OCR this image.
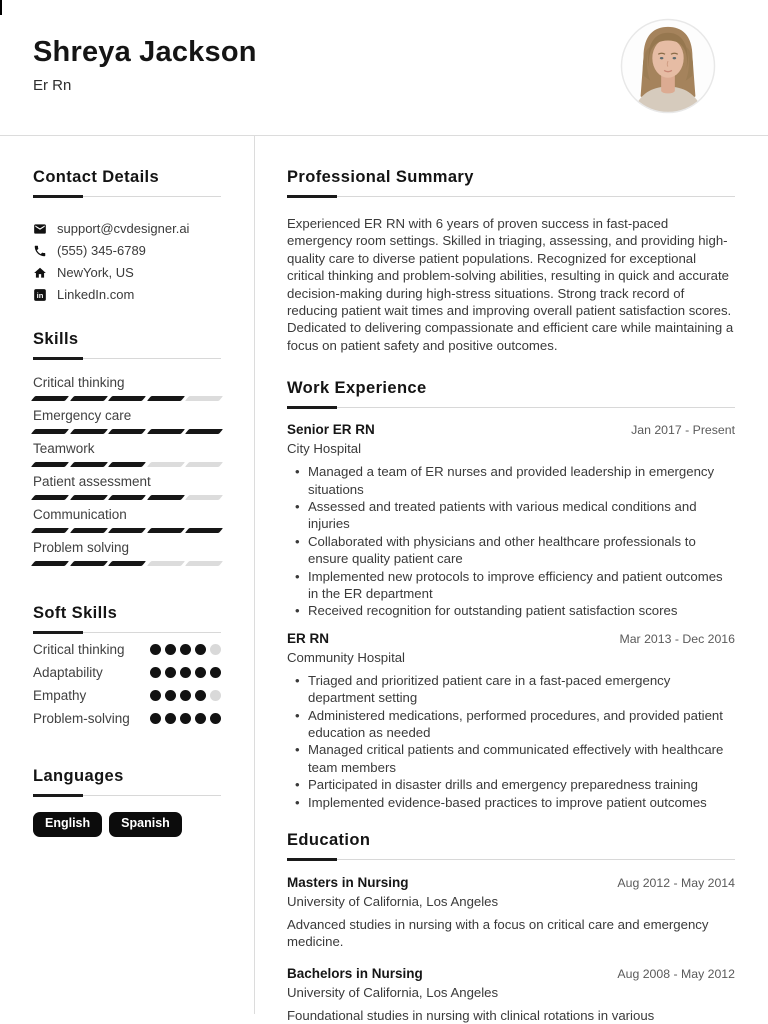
Shreya Jackson
Er Rn
Contact Details
support@cvdesigner.ai
(555) 345-6789
NewYork, US
in LinkedIn.com
Skills
Critical thinking
Emergency care
Teamwork
Patient assessment
Communication
Problem solving
Soft Skills
Critical thinking
Adaptability
Empathy
Problem-solving
Languages
English	Spanish
Professional Summary
Experienced ER RN with 6 years of proven success in fast-paced emergency room settings. Skilled in triaging, assessing, and providing high-quality care to diverse patient populations. Recognized for exceptional critical thinking and problem-solving abilities, resulting in quick and accurate decision-making during high-stress situations. Strong track record of reducing patient wait times and improving overall patient satisfaction scores. Dedicated to delivering compassionate and efficient care while maintaining a focus on patient safety and positive outcomes.
Work Experience
Senior ER RN	Jan 2017 - Present
City Hospital
• Managed a team of ER nurses and provided leadership in emergency situations
• Assessed and treated patients with various medical conditions and injuries
• Collaborated with physicians and other healthcare professionals to ensure quality patient care
• Implemented new protocols to improve efficiency and patient outcomes in the ER department
• Received recognition for outstanding patient satisfaction scores
ER RN	Mar 2013 - Dec 2016
Community Hospital
• Triaged and prioritized patient care in a fast-paced emergency department setting
• Administered medications, performed procedures, and provided patient education as needed
• Managed critical patients and communicated effectively with healthcare team members
• Participated in disaster drills and emergency preparedness training
• Implemented evidence-based practices to improve patient outcomes
Education
Masters in Nursing	Aug 2012 - May 2014
University of California, Los Angeles
Advanced studies in nursing with a focus on critical care and emergency medicine.
Bachelors in Nursing	Aug 2008 - May 2012
University of California, Los Angeles
Foundational studies in nursing with clinical rotations in various
